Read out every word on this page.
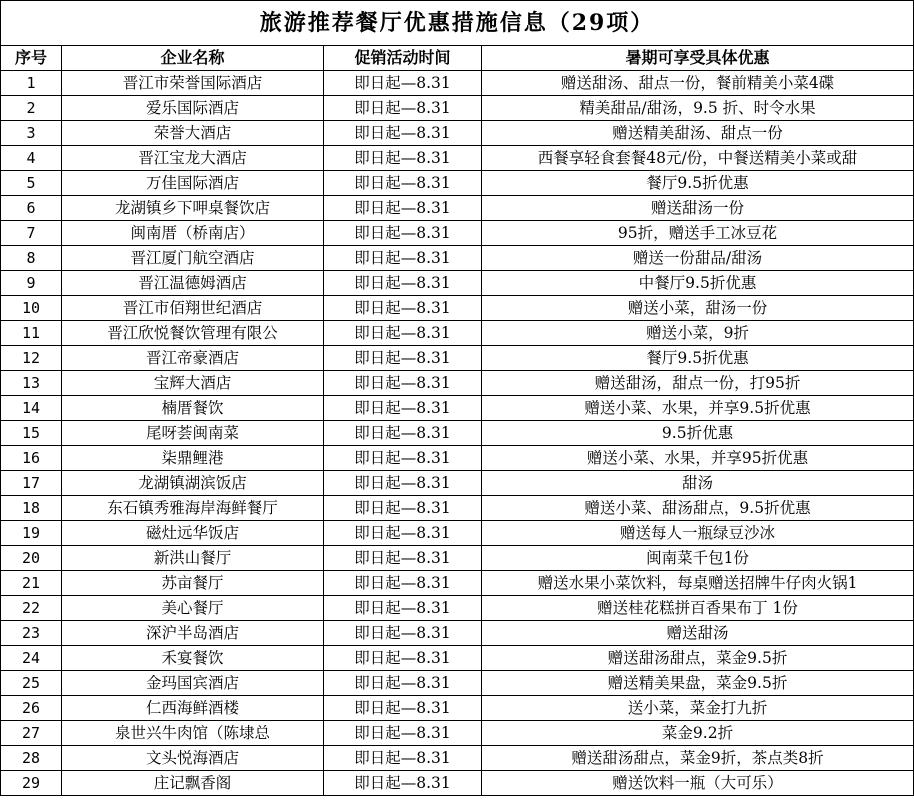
旅游推荐餐厅优惠措施信息（29项）			
序号	企业名称	促销活动时间	暑期可享受具体优惠
1	晋江市荣誉国际酒店	即日起—8.31	赠送甜汤、甜点一份，餐前精美小菜4碟
2	爱乐国际酒店	即日起—8.31	精美甜品/甜汤，9.5 折、时令水果
3	荣誉大酒店	即日起—8.31	赠送精美甜汤、甜点一份
4	晋江宝龙大酒店	即日起—8.31	西餐享轻食套餐48元/份，中餐送精美小菜或甜
5	万佳国际酒店	即日起—8.31	餐厅9.5折优惠
6	龙湖镇乡下呷桌餐饮店	即日起—8.31	赠送甜汤一份
7	闽南厝（桥南店）	即日起—8.31	95折，赠送手工冰豆花
8	晋江厦门航空酒店	即日起—8.31	赠送一份甜品/甜汤
9	晋江温德姆酒店	即日起—8.31	中餐厅9.5折优惠
10	晋江市佰翔世纪酒店	即日起—8.31	赠送小菜，甜汤一份
11	晋江欣悦餐饮管理有限公	即日起—8.31	赠送小菜，9折
12	晋江帝豪酒店	即日起—8.31	餐厅9.5折优惠
13	宝辉大酒店	即日起—8.31	赠送甜汤，甜点一份，打95折
14	楠厝餐饮	即日起—8.31	赠送小菜、水果，并享9.5折优惠
15	尾呀荟闽南菜	即日起—8.31	9.5折优惠
16	柒鼎鲤港	即日起—8.31	赠送小菜、水果，并享95折优惠
17	龙湖镇湖滨饭店	即日起—8.31	甜汤
18	东石镇秀雅海岸海鲜餐厅	即日起—8.31	赠送小菜、甜汤甜点，9.5折优惠
19	磁灶远华饭店	即日起—8.31	赠送每人一瓶绿豆沙冰
20	新洪山餐厅	即日起—8.31	闽南菜千包1份
21	苏亩餐厅	即日起—8.31	赠送水果小菜饮料，每桌赠送招牌牛仔肉火锅1
22	美心餐厅	即日起—8.31	赠送桂花糕拼百香果布丁 1份
23	深沪半岛酒店	即日起—8.31	赠送甜汤
24	禾宴餐饮	即日起—8.31	赠送甜汤甜点，菜金9.5折
25	金玛国宾酒店	即日起—8.31	赠送精美果盘，菜金9.5折
26	仁西海鲜酒楼	即日起—8.31	送小菜，菜金打九折
27	泉世兴牛肉馆（陈埭总	即日起—8.31	菜金9.2折
28	文头悦海酒店	即日起—8.31	赠送甜汤甜点，菜金9折，茶点类8折
29	庄记飘香阁	即日起—8.31	赠送饮料一瓶（大可乐）
